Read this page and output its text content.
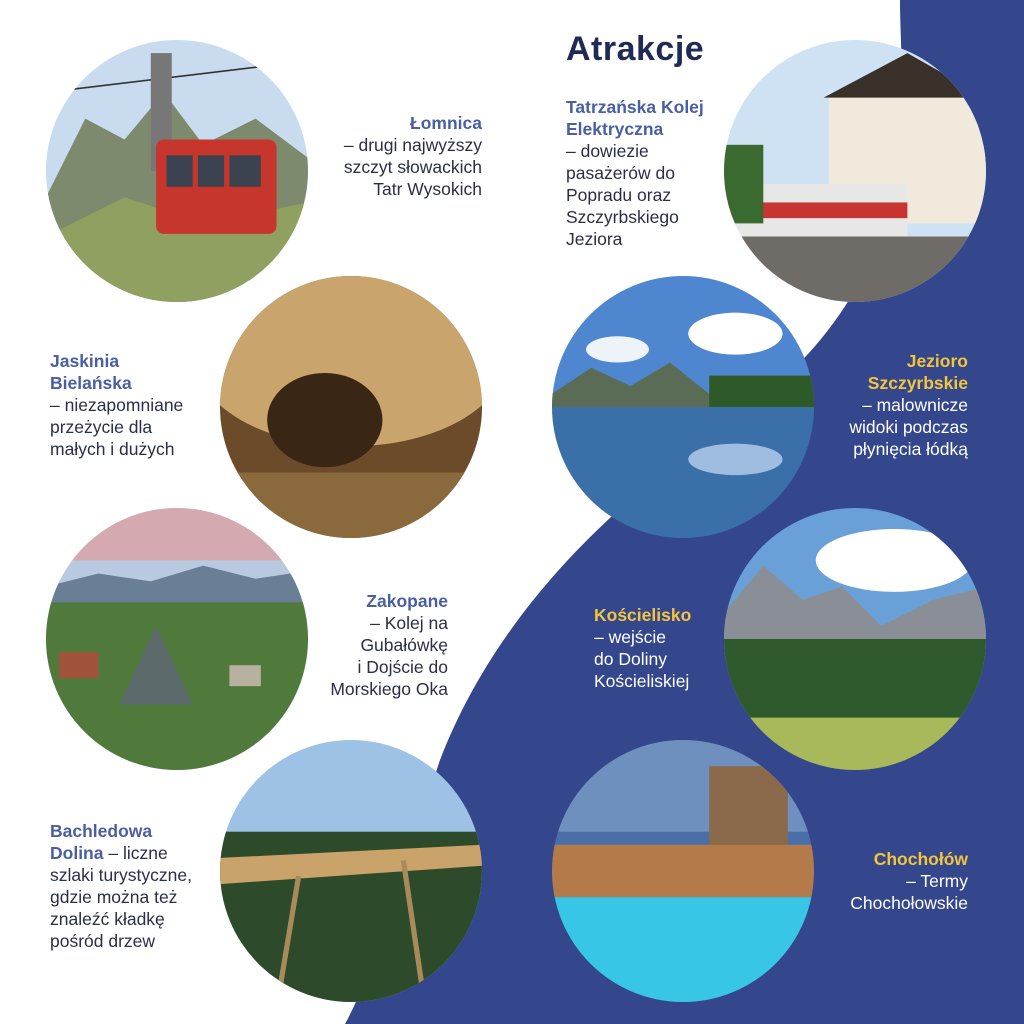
Atrakcje
Łomnica
– drugi najwyższy
szczyt słowackich
Tatr Wysokich
Tatrzańska Kolej
Elektryczna
– dowiezie
pasażerów do
Popradu oraz
Szczyrbskiego
Jeziora
Jaskinia
Bielańska
– niezapomniane
przeżycie dla
małych i dużych
Jezioro
Szczyrbskie
– malownicze
widoki podczas
płynięcia łódką
Zakopane
– Kolej na
Gubałówkę
i Dojście do
Morskiego Oka
Kościelisko
– wejście
do Doliny
Kościeliskiej
Bachledowa
Dolina – liczne
szlaki turystyczne,
gdzie można też
znaleźć kładkę
pośród drzew
Chochołów
– Termy
Chochołowskie
